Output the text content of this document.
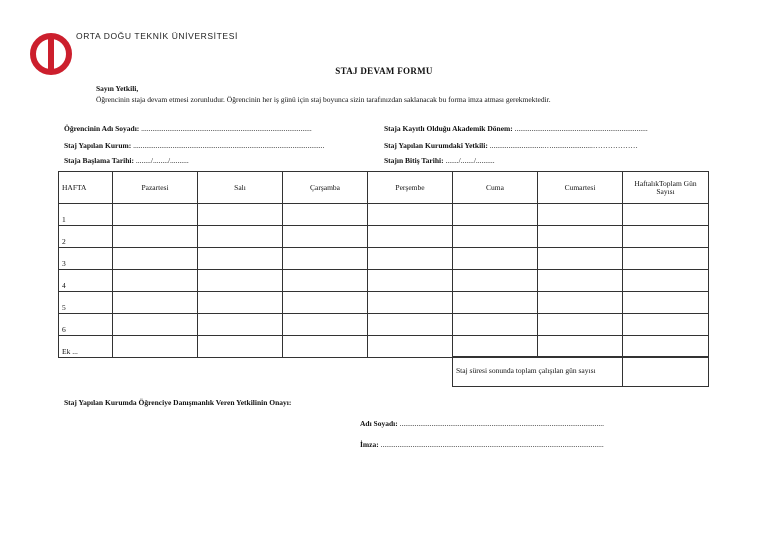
ORTA DOĞU TEKNİK ÜNİVERSİTESİ
STAJ DEVAM FORMU
Sayın Yetkili,
Öğrencinin staja devam etmesi zorunludur. Öğrencinin her iş günü için staj boyunca sizin tarafınızdan saklanacak bu forma imza atması gerekmektedir.
Öğrencinin Adı Soyadı: ...........................................................................................	Staja Kayıtlı Olduğu Akademik Dönem: .......................................................................
Staj Yapılan Kurum: ......................................................................................................	Staj Yapılan Kurumdaki Yetkili: .............................…......................………………
Staja Başlama Tarihi: ......../......../..........	Stajın Bitiş Tarihi: ......./......./..........
HAFTA	Pazartesi	Salı	Çarşamba	Perşembe	Cuma	Cumartesi	HaftalıkToplam Gün Sayısı
1							
2							
3							
4							
5							
6							
Ek ...							
Staj süresi sonunda toplam çalışılan gün sayısı	
Staj Yapılan Kurumda Öğrenciye Danışmanlık Veren Yetkilinin Onayı:
Adı Soyadı: .............................................................................................................
İmza: .......................................................................................................................
